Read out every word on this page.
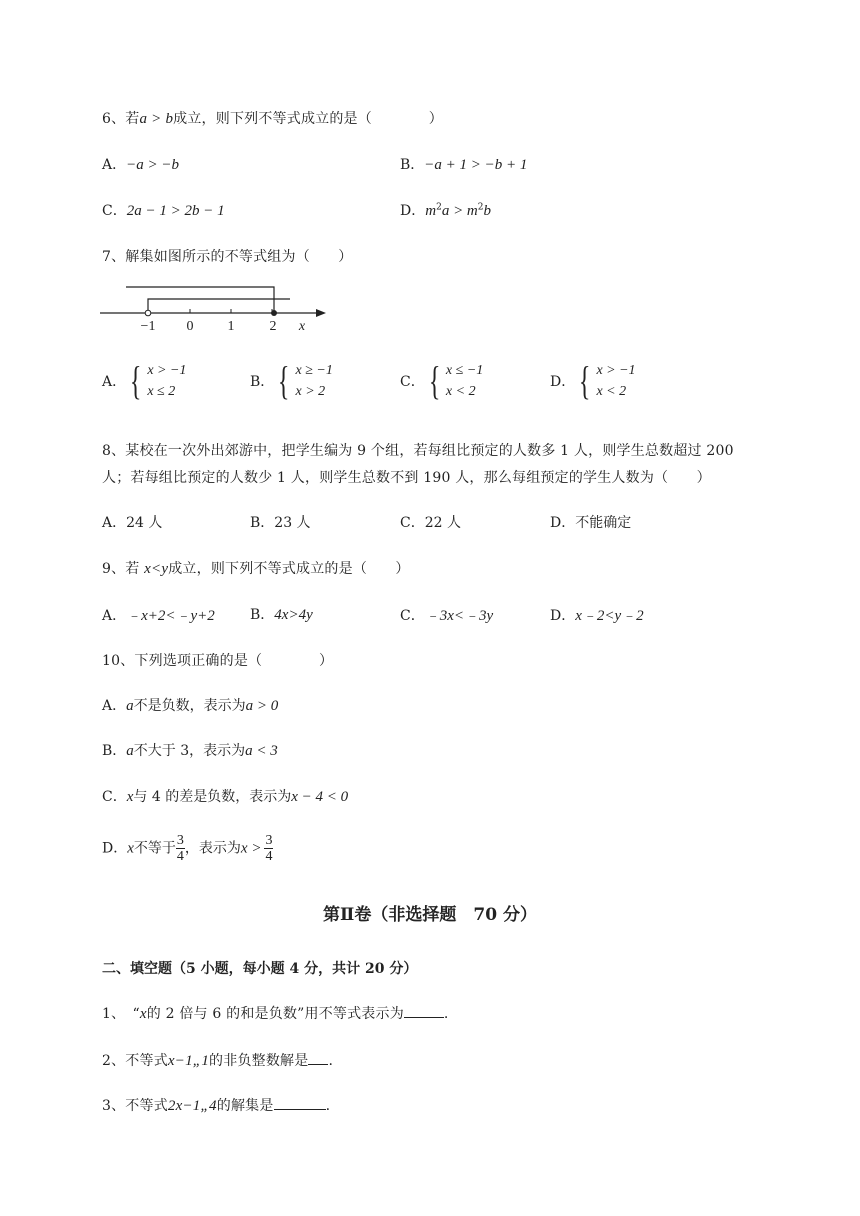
6、若a > b成立，则下列不等式成立的是（　　　　）
A．−a > −b	B．−a + 1 > −b + 1
C．2a − 1 > 2b − 1	D．$m^2a > m^2b$
7、解集如图所示的不等式组为（　　）
−1 0 1	2 x
A． { x > −1
x ≤ 2
B． { x ≥ −1
x > 2
C． { x ≤ −1
x < 2
D． { x > −1
x < 2
8、某校在一次外出郊游中，把学生编为 9 个组，若每组比预定的人数多 1 人，则学生总数超过 200
人；若每组比预定的人数少 1 人，则学生总数不到 190 人，那么每组预定的学生人数为（　　）
A．24 人	B．23 人	C．22 人	D．不能确定
9、若 x<y成立，则下列不等式成立的是（　　）
A．﹣x+2<﹣y+2	B．4x>4y	C．﹣3x<﹣3y	D．x﹣2<y﹣2
10、下列选项正确的是（　　　　）
A．a不是负数，表示为a > 0
B．a不大于 3，表示为a < 3
C．x与 4 的差是负数，表示为x − 4 < 0
D．x不等于 $\frac{3}{4}$ ，表示为$x > \frac{3}{4}$
第Ⅱ卷（非选择题　70 分）
二、填空题（5 小题，每小题 4 分，共计 20 分）
1、　“x的 2 倍与 6 的和是负数”用不等式表示为	.
2、不等式x−1„1的非负整数解是 .
3、不等式2x−1„4的解集是	.
